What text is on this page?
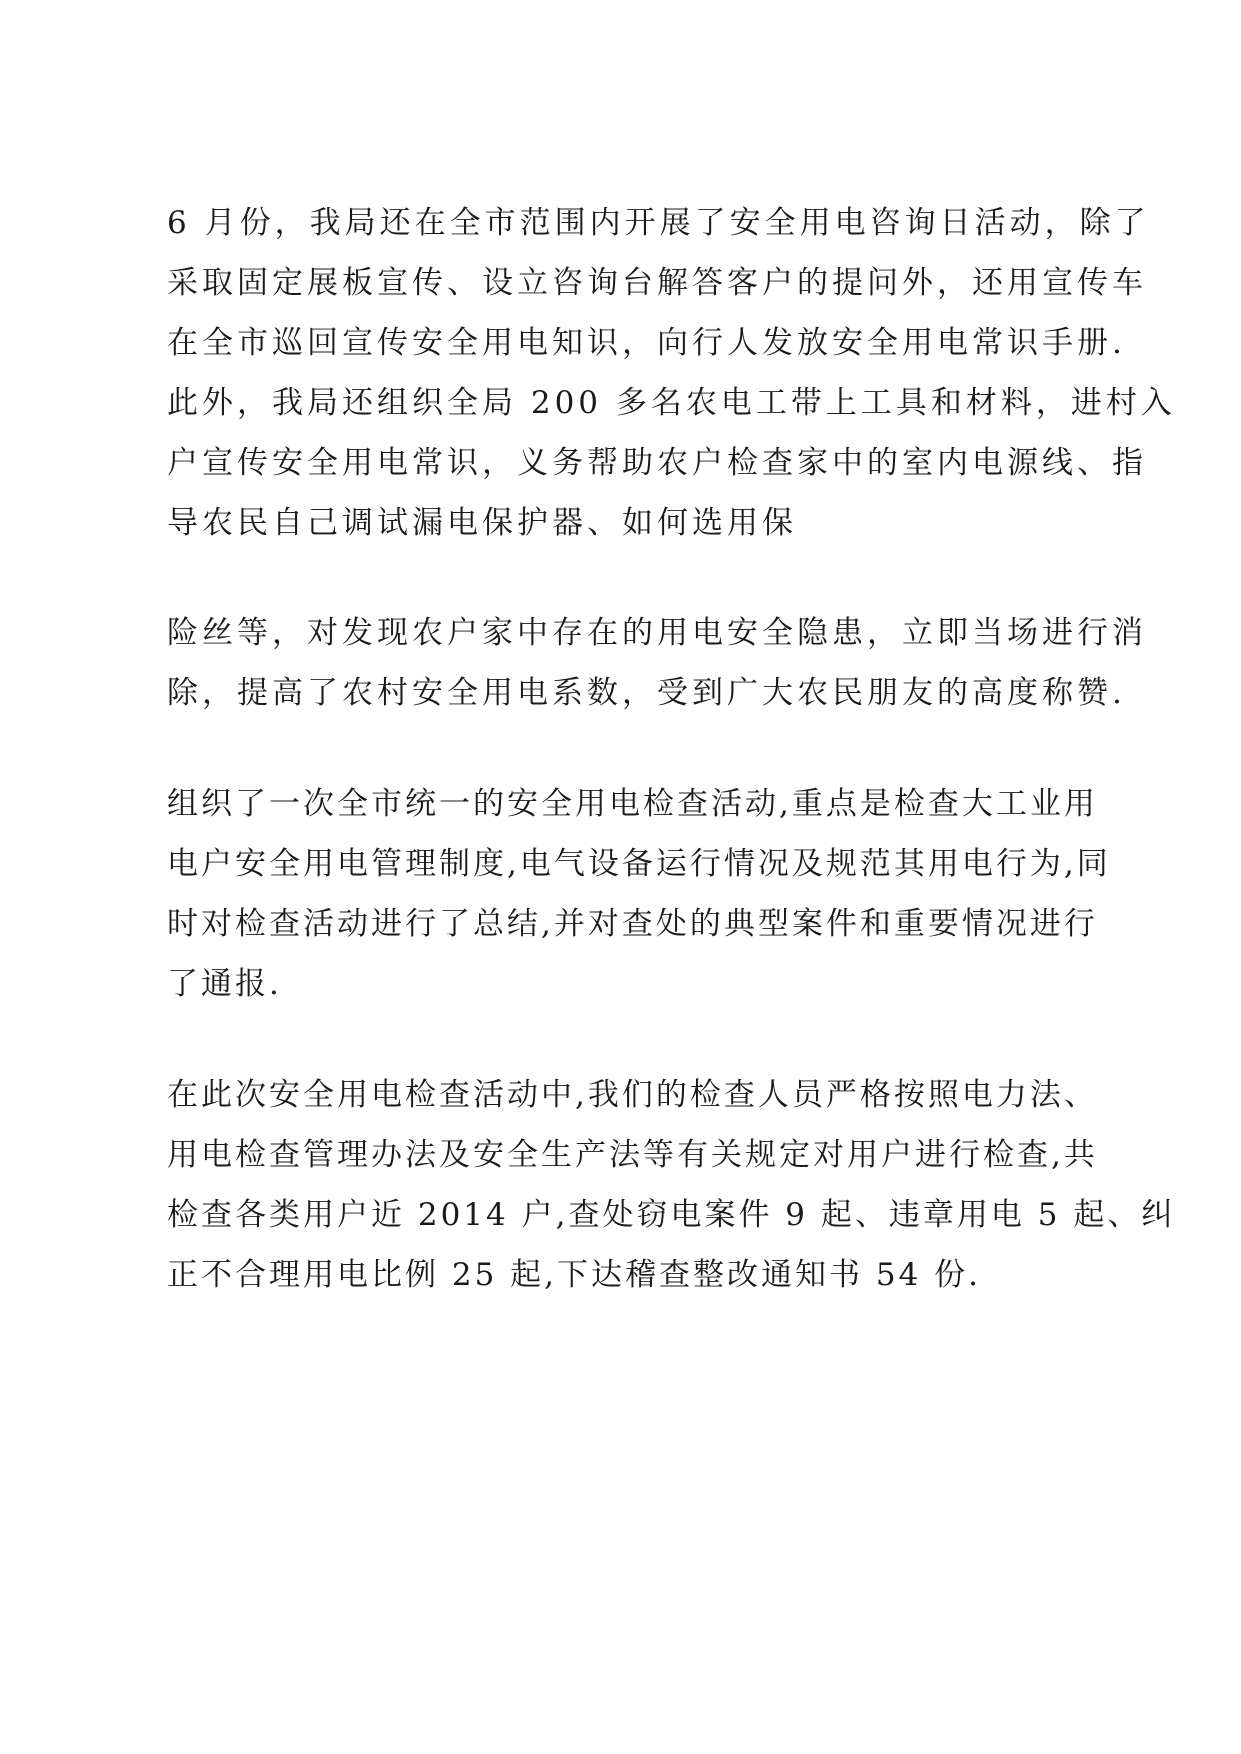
6 月份，我局还在全市范围内开展了安全用电咨询日活动，除了
采取固定展板宣传、设立咨询台解答客户的提问外，还用宣传车
在全市巡回宣传安全用电知识，向行人发放安全用电常识手册.
此外，我局还组织全局 200 多名农电工带上工具和材料，进村入
户宣传安全用电常识，义务帮助农户检查家中的室内电源线、指
导农民自己调试漏电保护器、如何选用保
险丝等，对发现农户家中存在的用电安全隐患，立即当场进行消
除，提高了农村安全用电系数，受到广大农民朋友的高度称赞.
组织了一次全市统一的安全用电检查活动,重点是检查大工业用
电户安全用电管理制度,电气设备运行情况及规范其用电行为,同
时对检查活动进行了总结,并对查处的典型案件和重要情况进行
了通报.
在此次安全用电检查活动中,我们的检查人员严格按照电力法、
用电检查管理办法及安全生产法等有关规定对用户进行检查,共
检查各类用户近 2014 户,查处窃电案件 9 起、违章用电 5 起、纠
正不合理用电比例 25 起,下达稽查整改通知书 54 份.
